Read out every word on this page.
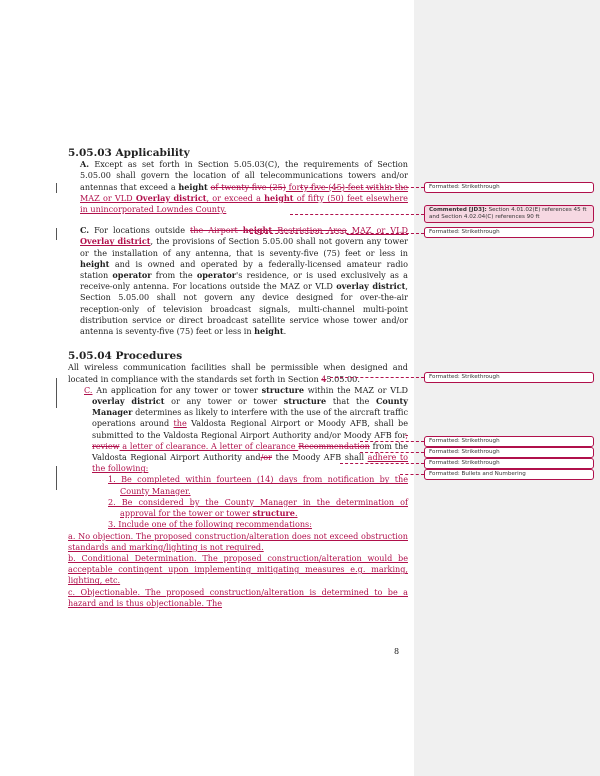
5.05.03 Applicability

A. Except as set forth in Section 5.05.03(C), the requirements of Section 5.05.00 shall govern the location of all telecommunications towers and/or antennas that exceed a height of twenty-five (25) forty-five (45) feet within the MAZ or VLD Overlay district, or exceed a height of fifty (50) feet elsewhere in unincorporated Lowndes County.

C. For locations outside the Airport height Restriction Area MAZ or VLD Overlay district, the provisions of Section 5.05.00 shall not govern any tower or the installation of any antenna, that is seventy-five (75) feet or less in height and is owned and operated by a federally-licensed amateur radio station operator from the operator's residence, or is used exclusively as a receive-only antenna. For locations outside the MAZ or VLD overlay district, Section 5.05.00 shall not govern any device designed for over-the-air reception-only of television broadcast signals, multi-channel multi-point distribution service or direct broadcast satellite service whose tower and/or antenna is seventy-five (75) feet or less in height.

5.05.04 Procedures

All wireless communication facilities shall be permissible when designed and located in compliance with the standards set forth in Section 45.05.00.

C. An application for any tower or tower structure within the MAZ or VLD overlay district or any tower or tower structure that the County Manager determines as likely to interfere with the use of the aircraft traffic operations around the Valdosta Regional Airport or Moody AFB, shall be submitted to the Valdosta Regional Airport Authority and/or Moody AFB for, review a letter of clearance. A letter of clearance Recommendation from the Valdosta Regional Airport Authority and/or the Moody AFB shall adhere to the following:

1. Be completed within fourteen (14) days from notification by the County Manager.

2. Be considered by the County Manager in the determination of approval for the tower or tower structure.

3. Include one of the following recommendations:

a. No objection. The proposed construction/alteration does not exceed obstruction standards and marking/lighting is not required.

b. Conditional Determination. The proposed construction/alteration would be acceptable contingent upon implementing mitigating measures e.g. marking, lighting, etc.

c. Objectionable. The proposed construction/alteration is determined to be a hazard and is thus objectionable. The

Formatted: Strikethrough
Commented [JD3]: Section 4.01.02(E) references 45 ft and Section 4.02.04(C) references 90 ft
Formatted: Strikethrough
Formatted: Strikethrough
Formatted: Strikethrough
Formatted: Strikethrough
Formatted: Strikethrough
Formatted: Bullets and Numbering
8
